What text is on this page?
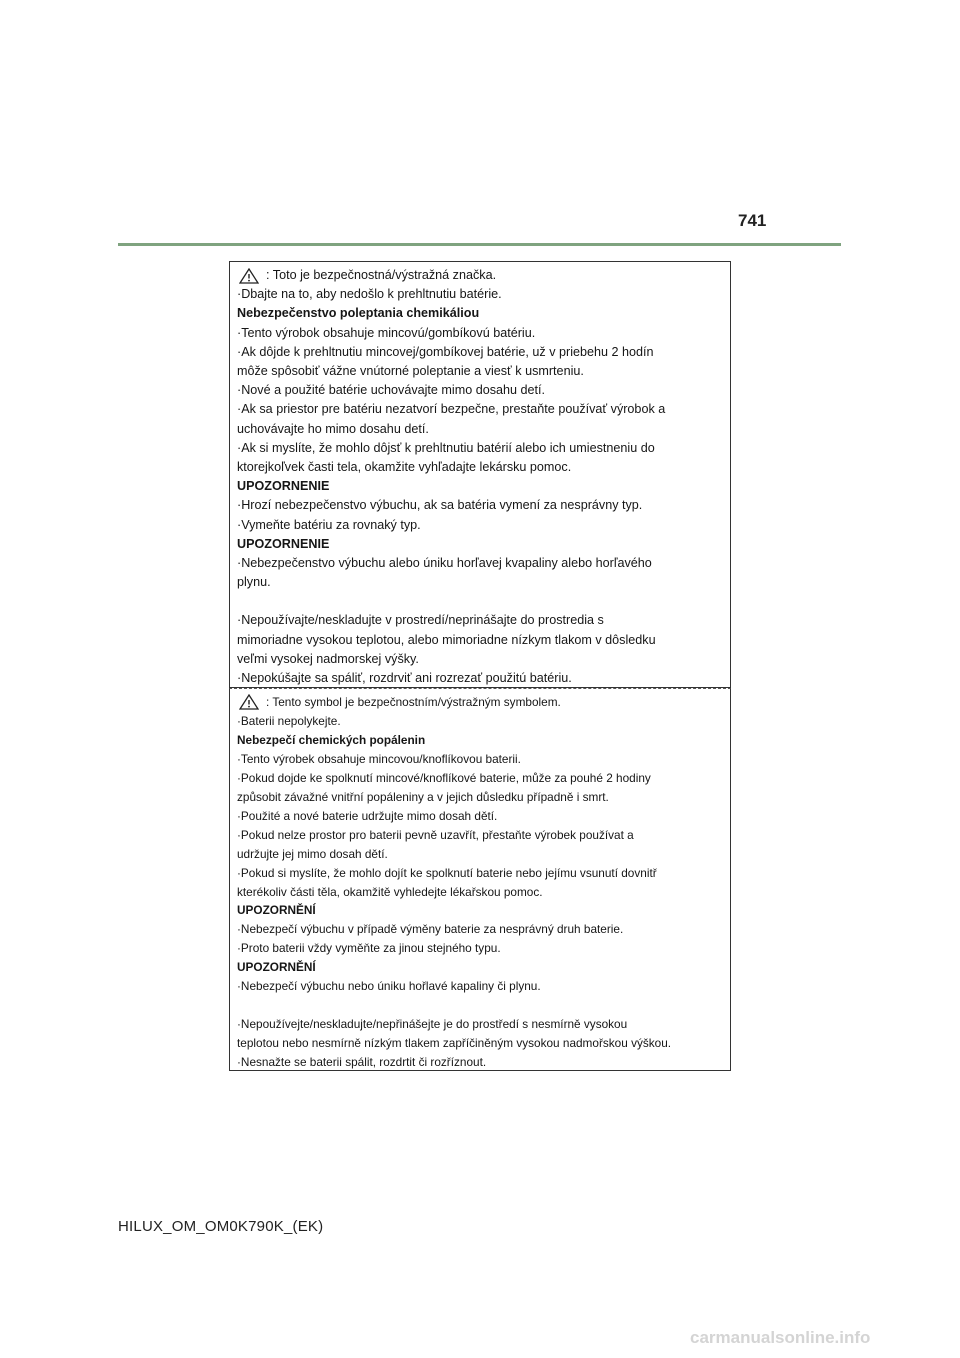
741
: Toto je bezpečnostná/výstražná značka.
·Dbajte na to, aby nedošlo k prehltnutiu batérie.
Nebezpečenstvo poleptania chemikáliou
·Tento výrobok obsahuje mincovú/gombíkovú batériu.
·Ak dôjde k prehltnutiu mincovej/gombíkovej batérie, už v priebehu 2 hodín
môže spôsobiť vážne vnútorné poleptanie a viesť k usmrteniu.
·Nové a použité batérie uchovávajte mimo dosahu detí.
·Ak sa priestor pre batériu nezatvorí bezpečne, prestaňte používať výrobok a
uchovávajte ho mimo dosahu detí.
·Ak si myslíte, že mohlo dôjsť k prehltnutiu batérií alebo ich umiestneniu do
ktorejkoľvek časti tela, okamžite vyhľadajte lekársku pomoc.
UPOZORNENIE
·Hrozí nebezpečenstvo výbuchu, ak sa batéria vymení za nesprávny typ.
·Vymeňte batériu za rovnaký typ.
UPOZORNENIE
·Nebezpečenstvo výbuchu alebo úniku horľavej kvapaliny alebo horľavého
plynu.
·Nepoužívajte/neskladujte v prostredí/neprinášajte do prostredia s
mimoriadne vysokou teplotou, alebo mimoriadne nízkym tlakom v dôsledku
veľmi vysokej nadmorskej výšky.
·Nepokúšajte sa spáliť, rozdrviť ani rozrezať použitú batériu.
: Tento symbol je bezpečnostním/výstražným symbolem.
·Baterii nepolykejte.
Nebezpečí chemických popálenin
·Tento výrobek obsahuje mincovou/knoflíkovou baterii.
·Pokud dojde ke spolknutí mincové/knoflíkové baterie, může za pouhé 2 hodiny
způsobit závažné vnitřní popáleniny a v jejich důsledku případně i smrt.
·Použité a nové baterie udržujte mimo dosah dětí.
·Pokud nelze prostor pro baterii pevně uzavřít, přestaňte výrobek používat a
udržujte jej mimo dosah dětí.
·Pokud si myslíte, že mohlo dojít ke spolknutí baterie nebo jejímu vsunutí dovnitř
kterékoliv části těla, okamžitě vyhledejte lékařskou pomoc.
UPOZORNĚNÍ
·Nebezpečí výbuchu v případě výměny baterie za nesprávný druh baterie.
·Proto baterii vždy vyměňte za jinou stejného typu.
UPOZORNĚNÍ
·Nebezpečí výbuchu nebo úniku hořlavé kapaliny či plynu.
·Nepoužívejte/neskladujte/nepřinášejte je do prostředí s nesmírně vysokou
teplotou nebo nesmírně nízkým tlakem zapříčiněným vysokou nadmořskou výškou.
·Nesnažte se baterii spálit, rozdrtit či rozříznout.
HILUX_OM_OM0K790K_(EK)
carmanualsonline.info
